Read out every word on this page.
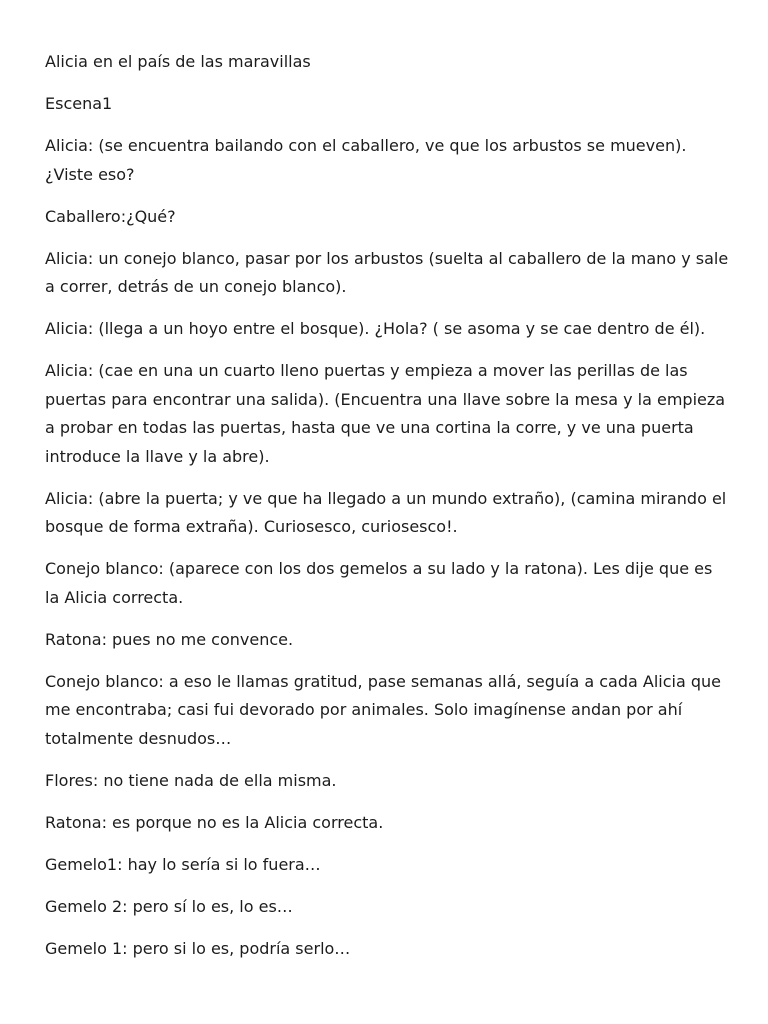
Alicia en el país de las maravillas

Escena1

Alicia: (se encuentra bailando con el caballero, ve que los arbustos se mueven). ¿Viste eso?

Caballero:¿Qué?

Alicia: un conejo blanco, pasar por los arbustos (suelta al caballero de la mano y sale a correr, detrás de un conejo blanco).

Alicia: (llega a un hoyo entre el bosque). ¿Hola? ( se asoma y se cae dentro de él).

Alicia: (cae en una un cuarto lleno puertas y empieza a mover las perillas de las puertas para encontrar una salida). (Encuentra una llave sobre la mesa y la empieza a probar en todas las puertas, hasta que ve una cortina la corre, y ve una puerta introduce la llave y la abre).

Alicia: (abre la puerta; y ve que ha llegado a un mundo extraño), (camina mirando el bosque de forma extraña). Curiosesco, curiosesco!.

Conejo blanco: (aparece con los dos gemelos a su lado y la ratona). Les dije que es la Alicia correcta.

Ratona: pues no me convence.

Conejo blanco: a eso le llamas gratitud, pase semanas allá, seguía a cada Alicia que me encontraba; casi fui devorado por animales. Solo imagínense andan por ahí totalmente desnudos…

Flores: no tiene nada de ella misma.

Ratona: es porque no es la Alicia correcta.

Gemelo1: hay lo sería si lo fuera…

Gemelo 2: pero sí lo es, lo es…

Gemelo 1: pero si lo es, podría serlo…
